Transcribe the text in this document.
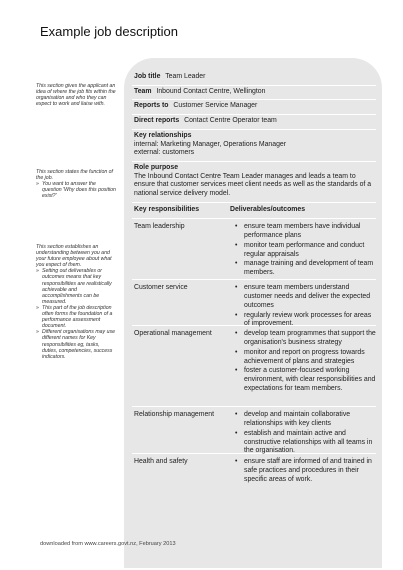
Example job description

This section gives the applicant an idea of where the job fits within the organisation and who they can expect to work and liaise with.

This section states the function of the job.

» You want to answer the question 'Why does this position exist?'

This section establishes an understanding between you and your future employee about what you expect of them.

» Setting out deliverables or outcomes means that key responsibilities are realistically achievable and accomplishments can be measured.
» This part of the job description often forms the foundation of a performance assessment document.
» Different organisations may use different names for Key responsibilities eg, tasks, duties, competencies, success indicators.
Job title Team Leader
Team Inbound Contact Centre, Wellington
Reports to Customer Service Manager
Direct reports Contact Centre Operator team
Key relationships
internal: Marketing Manager, Operations Manager
external: customers
Role purpose
The Inbound Contact Centre Team Leader manages and leads a team to ensure that customer services meet client needs as well as the standards of a national service delivery model.
Key responsibilities	Deliverables/outcomes
Team leadership	• ensure team members have individual performance plans
• monitor team performance and conduct regular appraisals
• manage training and development of team members.
Customer service	• ensure team members understand customer needs and deliver the expected outcomes
• regularly review work processes for areas of improvement.
Operational management	• develop team programmes that support the organisation's business strategy
• monitor and report on progress towards achievement of plans and strategies
• foster a customer-focused working environment, with clear responsibilities and expectations for team members.
Relationship management	• develop and maintain collaborative relationships with key clients
• establish and maintain active and constructive relationships with all teams in the organisation.
Health and safety	• ensure staff are informed of and trained in safe practices and procedures in their specific areas of work.
downloaded from www.careers.govt.nz, February 2013
